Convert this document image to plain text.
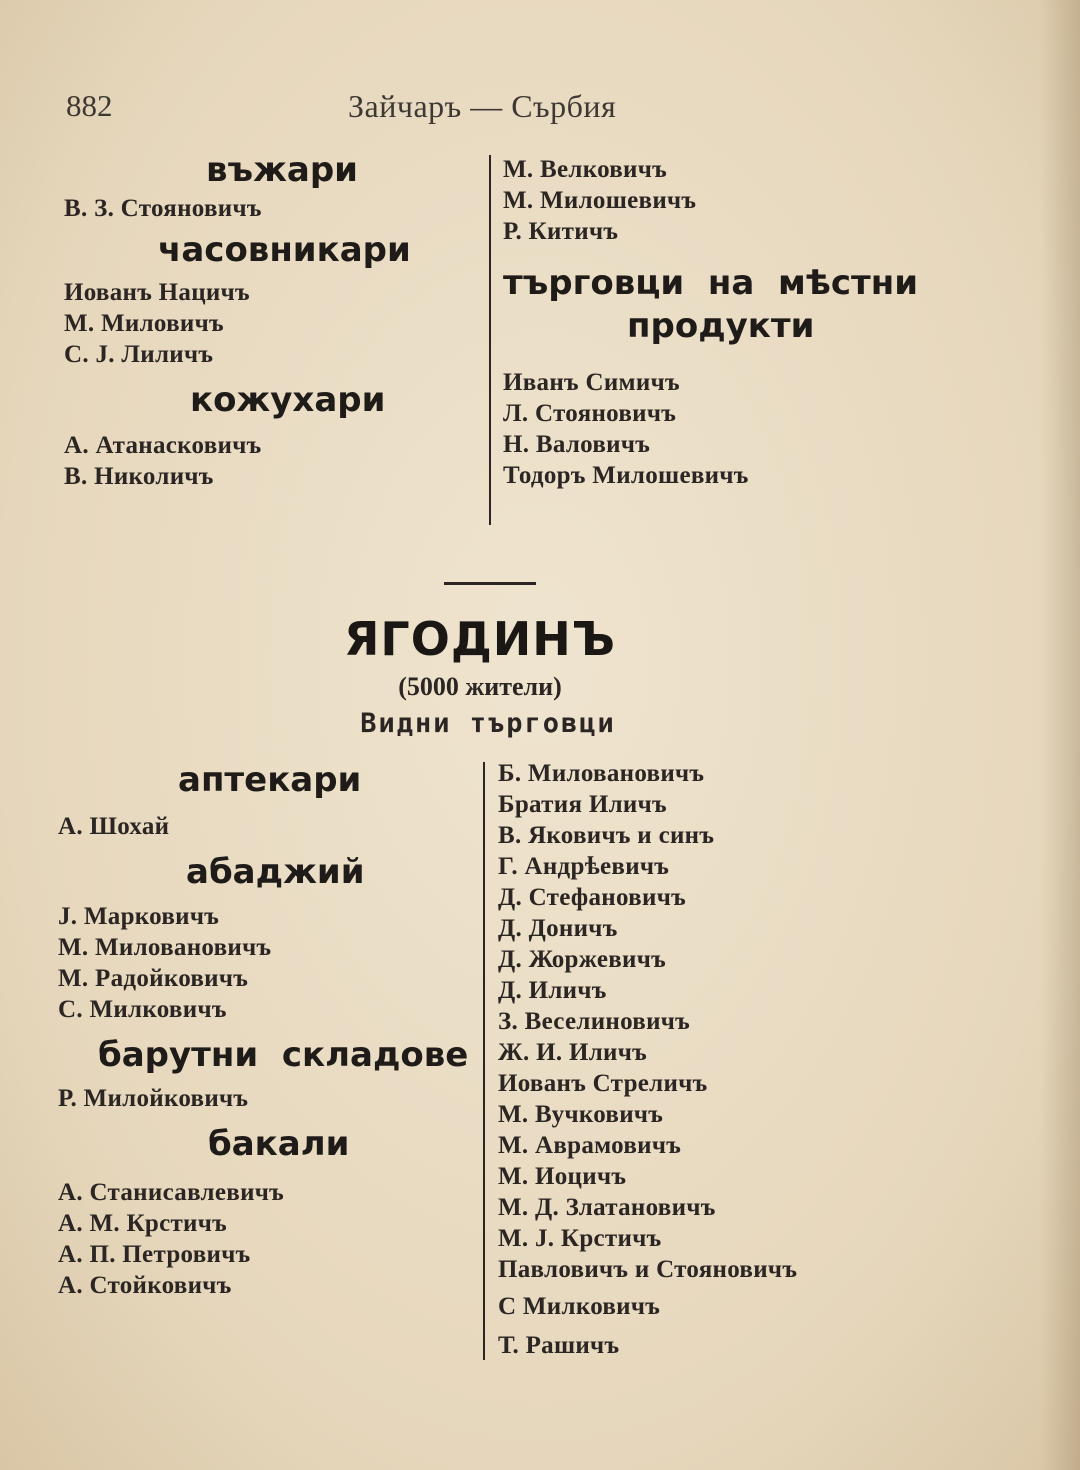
882	Зайчаръ — Сърбия
въжари
В. З. Стояновичъ
часовникари
Иованъ Нацичъ
М. Миловичъ
С. Ј. Лиличъ
кожухари
А. Атанасковичъ
В. Николичъ
М. Велковичъ
М. Милошевичъ
Р. Китичъ
търговци  на  мѣстни
продукти
Иванъ Симичъ
Л. Стояновичъ
Н. Валовичъ
Тодоръ Милошевичъ
ЯГОДИНЪ
(5000 жители)
Видни търговци
аптекари
А. Шохай
абаджий
Ј. Марковичъ
М. Миловановичъ
М. Радойковичъ
С. Милковичъ
барутни  складове
Р. Милойковичъ
бакали
А. Станисавлевичъ
А. М. Крстичъ
А. П. Петровичъ
А. Стойковичъ
Б. Миловановичъ
Братия Иличъ
В. Яковичъ и синъ
Г. Андрѣевичъ
Д. Стефановичъ
Д. Доничъ
Д. Жоржевичъ
Д. Иличъ
З. Веселиновичъ
Ж. И. Иличъ
Иованъ Стреличъ
М. Вучковичъ
М. Аврамовичъ
М. Иоцичъ
М. Д. Златановичъ
М. Ј. Крстичъ
Павловичъ и Стояновичъ
С Милковичъ
Т. Рашичъ
